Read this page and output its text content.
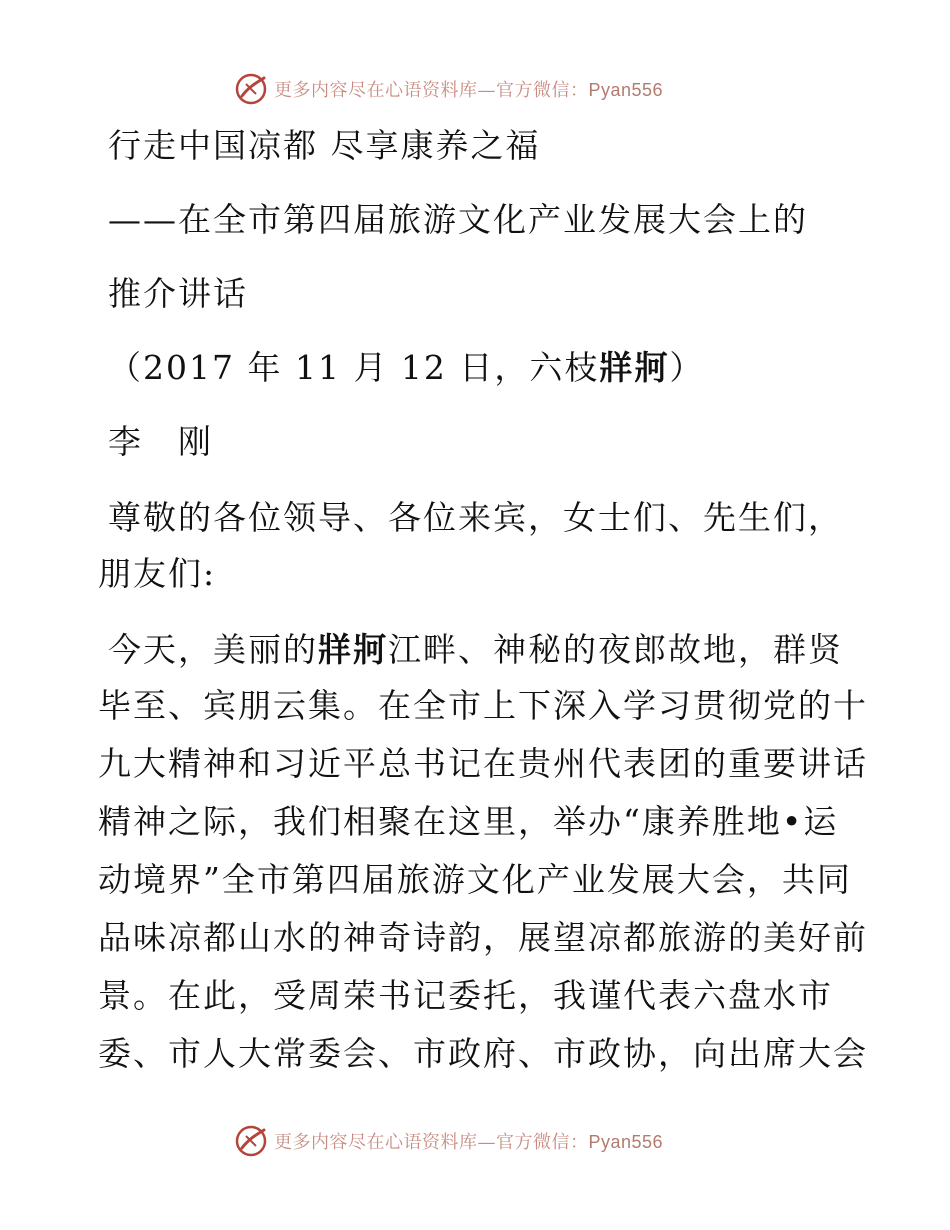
更多内容尽在心语资料库—官方微信：Pyan556
行走中国凉都 尽享康养之福
——在全市第四届旅游文化产业发展大会上的
推介讲话
（2017 年 11 月 12 日，六枝牂牁）
李　刚
尊敬的各位领导、各位来宾，女士们、先生们，
朋友们:
今天，美丽的牂牁江畔、神秘的夜郎故地，群贤
毕至、宾朋云集。在全市上下深入学习贯彻党的十
九大精神和习近平总书记在贵州代表团的重要讲话
精神之际，我们相聚在这里，举办“康养胜地•运
动境界”全市第四届旅游文化产业发展大会，共同
品味凉都山水的神奇诗韵，展望凉都旅游的美好前
景。在此，受周荣书记委托，我谨代表六盘水市
委、市人大常委会、市政府、市政协，向出席大会
更多内容尽在心语资料库—官方微信：Pyan556
